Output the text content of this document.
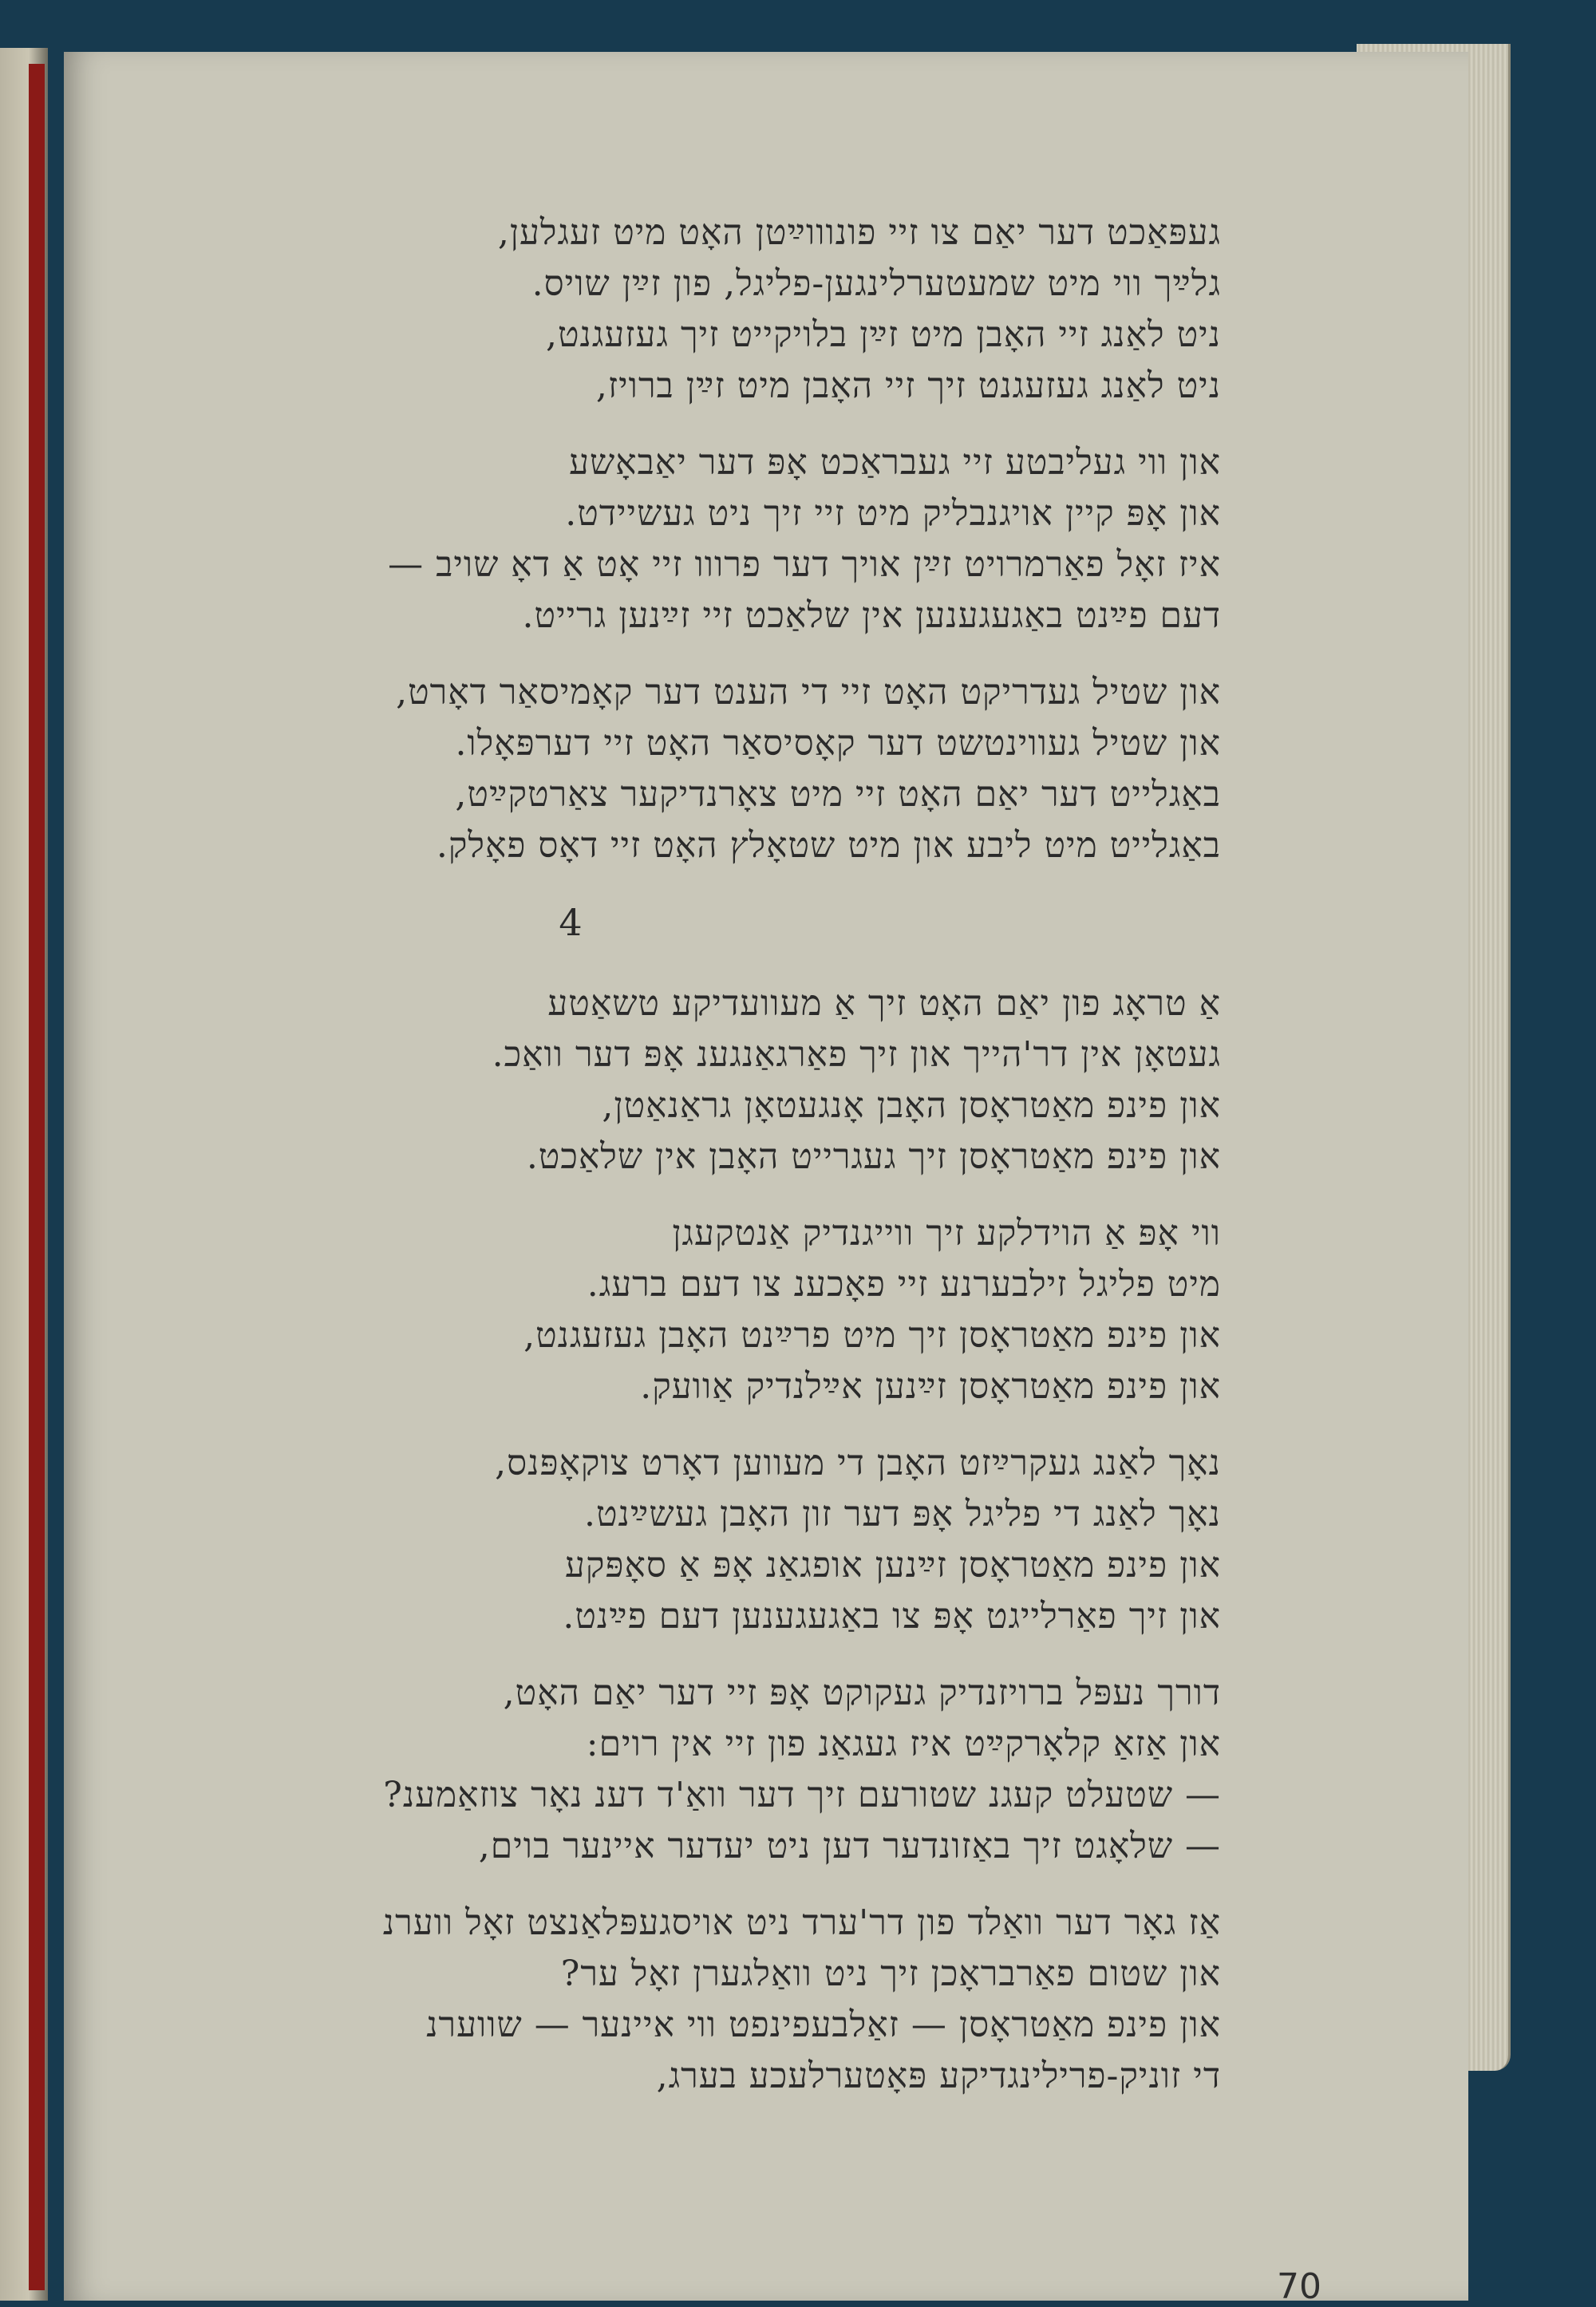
געפּאַכט דער יאַם צו זיי פונוווײַטן האָט מיט זעגלען,
גלײַך ווי מיט שמעטערלינגען-פליגל, פון זײַן שויס.
ניט לאַנג זיי האָבן מיט זײַן בלויקייט זיך געזעגנט,
ניט לאַנג געזעגנט זיך זיי האָבן מיט זײַן ברויז,
און ווי געליבטע זיי געבראַכט אָפּ דער יאַבאָשע
און אָפּ קיין אויגנבליק מיט זיי זיך ניט געשיידט.
איז זאָל פאַרמרויט זײַן אויך דער פרווו זיי אָט אַ דאָ שויב —
דעם פײַנט באַגעגענען אין שלאַכט זיי זײַנען גרייט.
און שטיל געדריקט האָט זיי די הענט דער קאָמיסאַר דאָרט,
און שטיל געווינטשט דער קאָסיסאַר האָט זיי דערפּאָלו.
באַגלייט דער יאַם האָט זיי מיט צאָרנדיקער צאַרטקײַט,
באַגלייט מיט ליבע און מיט שטאָלץ האָט זיי דאָס פאָלק.
4
אַ טראָג פון יאַם האָט זיך אַ מעוועדיקע טשאַטע
געטאָן אין דר'הייך און זיך פאַרגאַנגענ אָפּ דער וואַכ.
און פינפ מאַטראָסן האָבן אָנגעטאָן גראַנאַטן,
און פינפ מאַטראָסן זיך געגרייט האָבן אין שלאַכט.
ווי אָפּ אַ הוידלקע זיך ווייגנדיק אַנטקעגן
מיט פליגל זילבערנע זיי פאָכענ צו דעם ברעג.
און פינפ מאַטראָסן זיך מיט פרײַנט האָבן געזעגנט,
און פינפ מאַטראָסן זײַנען אײַלנדיק אַוועק.
נאָך לאַנג געקרײַזט האָבן די מעווען דאָרט צוקאָפּנס,
נאָך לאַנג די פליגל אָפּ דער זון האָבן געשײַנט.
און פינפ מאַטראָסן זײַנען אופגאַנ אָפּ אַ סאָפּקע
און זיך פאַרלייגט אָפּ צו באַגעגענען דעם פײַנט.
דורך נעפּל ברויזנדיק געקוקט אָפּ זיי דער יאַם האָט,
און אַזאַ קלאָרקײַט איז געגאַנ פון זיי אין רוים:
— שטעלט קעגנ שטורעם זיך דער וואַ'ד דענ נאָר צוזאַמענ?
— שלאָגט זיך באַזונדער דען ניט יעדער איינער בוים,
אַז גאָר דער וואַלד פון דר'ערד ניט אויסגעפּלאַנצט זאָל ווערנ
און שטום פאַרבראָכן זיך ניט וואַלגערן זאָל ער?
און פינפ מאַטראָסן — זאַלבעפינפט ווי איינער — שווערנ
די זוניק-פרילינגדיקע פּאָטערלעכע בערג,
70
